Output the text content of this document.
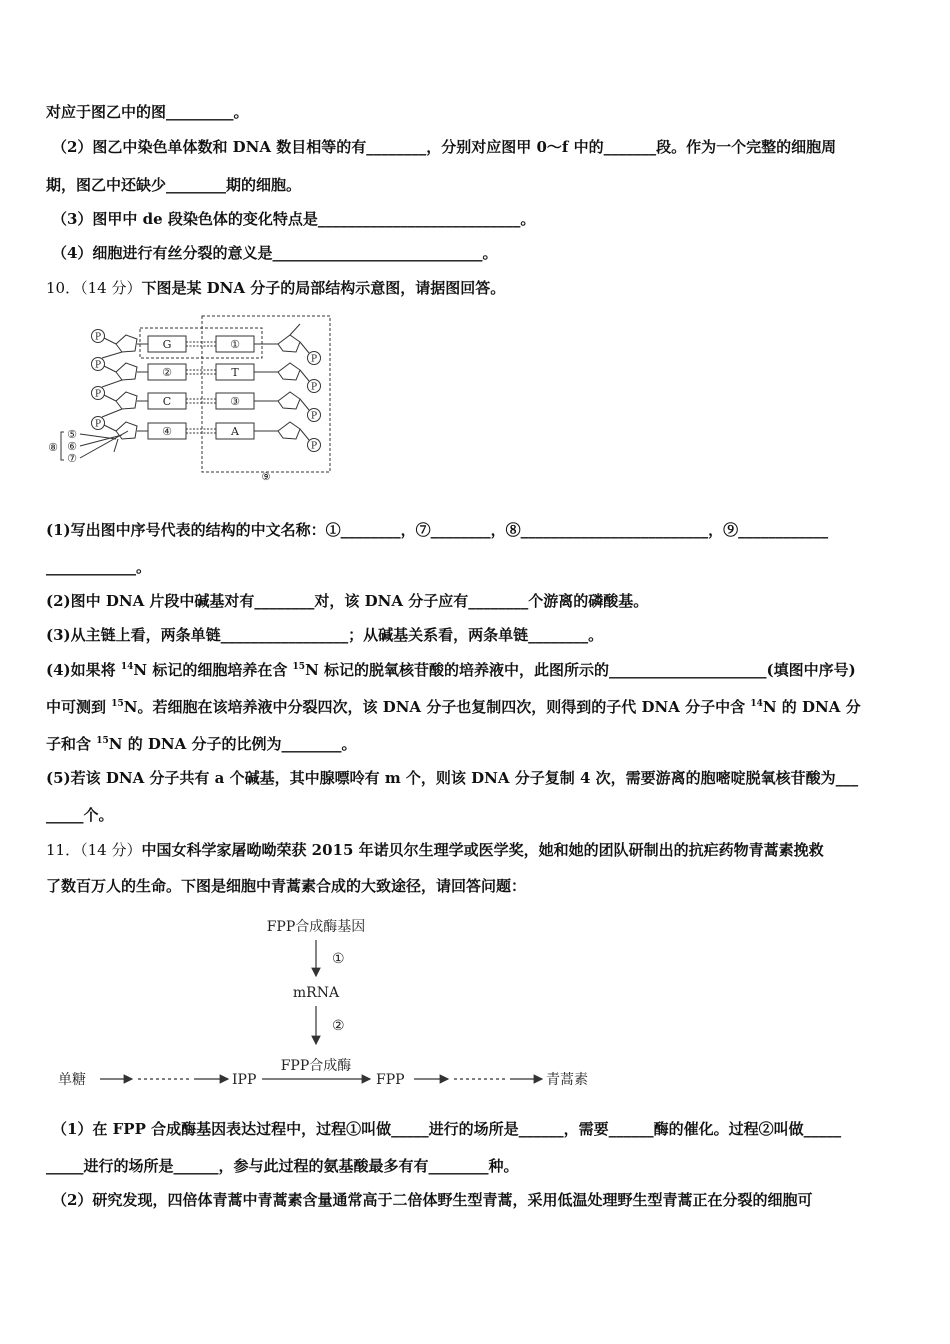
对应于图乙中的图_________。
（2）图乙中染色单体数和 DNA 数目相等的有________，分别对应图甲 0～f 中的_______段。作为一个完整的细胞周
期，图乙中还缺少________期的细胞。
（3）图甲中 de 段染色体的变化特点是___________________________。
（4）细胞进行有丝分裂的意义是____________________________。
10．（14 分）下图是某 DNA 分子的局部结构示意图，请据图回答。
P
G	①
P
P
②	T
P
P
C	③
P
P
④	A
P
⑤
⑥
⑦
⑧
⑨
(1)写出图中序号代表的结构的中文名称：①________，⑦________，⑧_________________________，⑨____________
____________。
(2)图中 DNA 片段中碱基对有________对，该 DNA 分子应有________个游离的磷酸基。
(3)从主链上看，两条单链_________________；从碱基关系看，两条单链________。
(4)如果将 $^{14}$N 标记的细胞培养在含 $^{15}$N 标记的脱氧核苷酸的培养液中，此图所示的_____________________(填图中序号)
中可测到 $^{15}$N。若细胞在该培养液中分裂四次，该 DNA 分子也复制四次，则得到的子代 DNA 分子中含 $^{14}$N 的 DNA 分
子和含 $^{15}$N 的 DNA 分子的比例为________。
(5)若该 DNA 分子共有 a 个碱基，其中腺嘌呤有 m 个，则该 DNA 分子复制 4 次，需要游离的胞嘧啶脱氧核苷酸为___
_____个。
11．（14 分）中国女科学家屠呦呦荣获 2015 年诺贝尔生理学或医学奖，她和她的团队研制出的抗疟药物青蒿素挽救
了数百万人的生命。下图是细胞中青蒿素合成的大致途径，请回答问题：
FPP合成酶基因
①
mRNA
②
单糖	IPP
FPP合成酶
FPP	青蒿素
（1）在 FPP 合成酶基因表达过程中，过程①叫做_____进行的场所是______，需要______酶的催化。过程②叫做_____
_____进行的场所是______，参与此过程的氨基酸最多有有________种。
（2）研究发现，四倍体青蒿中青蒿素含量通常高于二倍体野生型青蒿，采用低温处理野生型青蒿正在分裂的细胞可
